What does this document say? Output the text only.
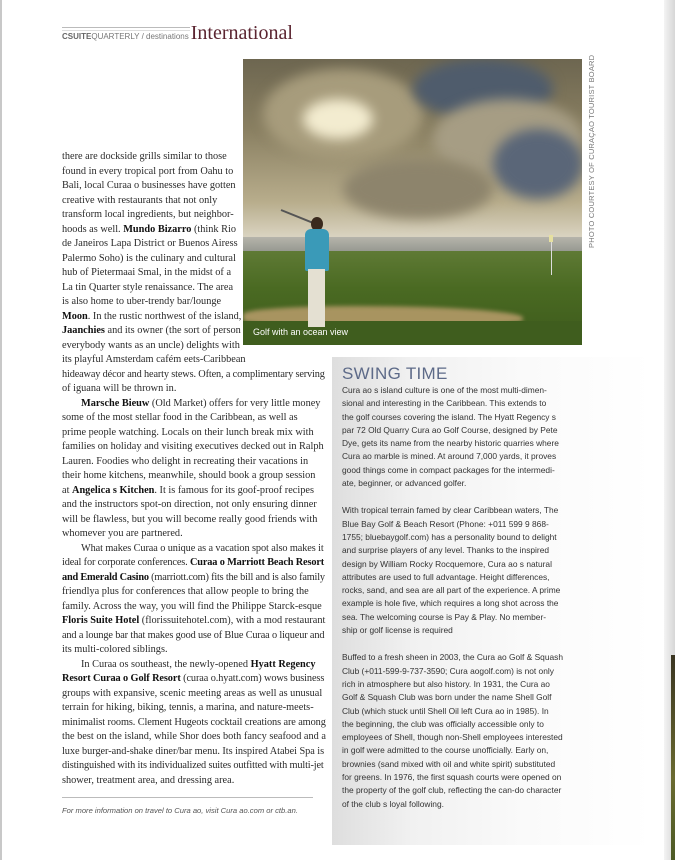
CSUITEQUARTERLY / destinations International
Golf with an ocean view
PHOTO COURTESY OF CURAÇAO TOURIST BOARD
there are dockside grills similar to those
found in every tropical port from Oahu to
Bali, local Curaa o businesses have gotten
creative with restaurants that not only
transform local ingredients, but neighbor-
hoods as well. Mundo Bizarro (think Rio
de Janeiros Lapa District or Buenos Airess
Palermo Soho) is the culinary and cultural
hub of Pietermaai Smal, in the midst of a
La tin Quarter style renaissance. The area
is also home to uber-trendy bar/lounge
Moon. In the rustic northwest of the island,
Jaanchies and its owner (the sort of person
everybody wants as an uncle) delights with
its playful Amsterdam cafém eets-Caribbean
hideaway décor and hearty stews. Often, a complimentary serving
of iguana will be thrown in.
Marsche Bieuw (Old Market) offers for very little money
some of the most stellar food in the Caribbean, as well as
prime people watching. Locals on their lunch break mix with
families on holiday and visiting executives decked out in Ralph
Lauren. Foodies who delight in recreating their vacations in
their home kitchens, meanwhile, should book a group session
at Angelica s Kitchen. It is famous for its goof-proof recipes
and the instructors spot-on direction, not only ensuring dinner
will be flawless, but you will become really good friends with
whomever you are partnered.
What makes Curaa o unique as a vacation spot also makes it
ideal for corporate conferences. Curaa o Marriott Beach Resort
and Emerald Casino (marriott.com) fits the bill and is also family
friendlya plus for conferences that allow people to bring the
family. Across the way, you will find the Philippe Starck-esque
Floris Suite Hotel (florissuitehotel.com), with a mod restaurant
and a lounge bar that makes good use of Blue Curaa o liqueur and
its multi-colored siblings.
In Curaa os southeast, the newly-opened Hyatt Regency
Resort Curaa o Golf Resort (curaa o.hyatt.com) wows business
groups with expansive, scenic meeting areas as well as unusual
terrain for hiking, biking, tennis, a marina, and nature-meets-
minimalist rooms. Clement Hugeots cocktail creations are among
the best on the island, while Shor does both fancy seafood and a
luxe burger-and-shake diner/bar menu. Its inspired Atabei Spa is
distinguished with its individualized suites outfitted with multi-jet
shower, treatment area, and dressing area.
SWING TIME
Cura ao s island culture is one of the most multi-dimen-
sional and interesting in the Caribbean. This extends to
the golf courses covering the island. The Hyatt Regency s
par 72 Old Quarry Cura ao Golf Course, designed by Pete
Dye, gets its name from the nearby historic quarries where
Cura ao marble is mined. At around 7,000 yards, it proves
good things come in compact packages for the intermedi-
ate, beginner, or advanced golfer.
With tropical terrain famed by clear Caribbean waters, The
Blue Bay Golf & Beach Resort (Phone: +011 599 9 868-
1755; bluebaygolf.com) has a personality bound to delight
and surprise players of any level. Thanks to the inspired
design by William Rocky Rocquemore, Cura ao s natural
attributes are used to full advantage. Height differences,
rocks, sand, and sea are all part of the experience. A prime
example is hole five, which requires a long shot across the
sea. The welcoming course is Pay & Play. No member-
ship or golf license is required
Buffed to a fresh sheen in 2003, the Cura ao Golf & Squash
Club (+011-599-9-737-3590; Cura aogolf.com) is not only
rich in atmosphere but also history. In 1931, the Cura ao
Golf & Squash Club was born under the name Shell Golf
Club (which stuck until Shell Oil left Cura ao in 1985). In
the beginning, the club was officially accessible only to
employees of Shell, though non-Shell employees interested
in golf were admitted to the course unofficially. Early on,
brownies (sand mixed with oil and white spirit) substituted
for greens. In 1976, the first squash courts were opened on
the property of the golf club, reflecting the can-do character
of the club s loyal following.
For more information on travel to Cura ao, visit Cura ao.com or ctb.an.
